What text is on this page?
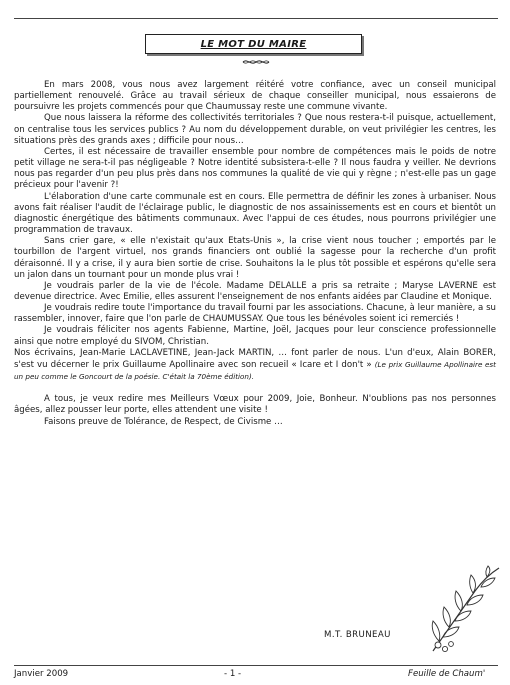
LE MOT DU MAIRE

En mars 2008, vous nous avez largement réitéré votre confiance, avec un conseil municipal partiellement renouvelé. Grâce au travail sérieux de chaque conseiller municipal, nous essaierons de poursuivre les projets commencés pour que Chaumussay reste une commune vivante.

Que nous laissera la réforme des collectivités territoriales ? Que nous restera-t-il puisque, actuellement, on centralise tous les services publics ? Au nom du développement durable, on veut privilégier les centres, les situations près des grands axes ; difficile pour nous…

Certes, il est nécessaire de travailler ensemble pour nombre de compétences mais le poids de notre petit village ne sera-t-il pas négligeable ? Notre identité subsistera-t-elle ? Il nous faudra y veiller. Ne devrions nous pas regarder d'un peu plus près dans nos communes la qualité de vie qui y règne ; n'est-elle pas un gage précieux pour l'avenir ?!

L'élaboration d'une carte communale est en cours. Elle permettra de définir les zones à urbaniser. Nous avons fait réaliser l'audit de l'éclairage public, le diagnostic de nos assainissements est en cours et bientôt un diagnostic énergétique des bâtiments communaux. Avec l'appui de ces études, nous pourrons privilégier une programmation de travaux.

Sans crier gare, « elle n'existait qu'aux Etats-Unis », la crise vient nous toucher ; emportés par le tourbillon de l'argent virtuel, nos grands financiers ont oublié la sagesse pour la recherche d'un profit déraisonné. Il y a crise, il y aura bien sortie de crise. Souhaitons la le plus tôt possible et espérons qu'elle sera un jalon dans un tournant pour un monde plus vrai !

Je voudrais parler de la vie de l'école. Madame DELALLE a pris sa retraite ; Maryse LAVERNE est devenue directrice. Avec Emilie, elles assurent l'enseignement de nos enfants aidées par Claudine et Monique.

Je voudrais redire toute l'importance du travail fourni par les associations. Chacune, à leur manière, a su rassembler, innover, faire que l'on parle de CHAUMUSSAY. Que tous les bénévoles soient ici remerciés !

Je voudrais féliciter nos agents Fabienne, Martine, Joël, Jacques pour leur conscience professionnelle ainsi que notre employé du SIVOM, Christian.

Nos écrivains, Jean-Marie LACLAVETINE, Jean-Jack MARTIN, … font parler de nous. L'un d'eux, Alain BORER, s'est vu décerner le prix Guillaume Apollinaire avec son recueil « Icare et I don't » (Le prix Guillaume Apollinaire est un peu comme le Goncourt de la poésie. C'était la 70ème édition).

A tous, je veux redire mes Meilleurs Vœux pour 2009, Joie, Bonheur. N'oublions pas nos personnes âgées, allez pousser leur porte, elles attendent une visite !

Faisons preuve de Tolérance, de Respect, de Civisme …

M.T. BRUNEAU
Janvier 2009	- 1 -	Feuille de Chaum'
